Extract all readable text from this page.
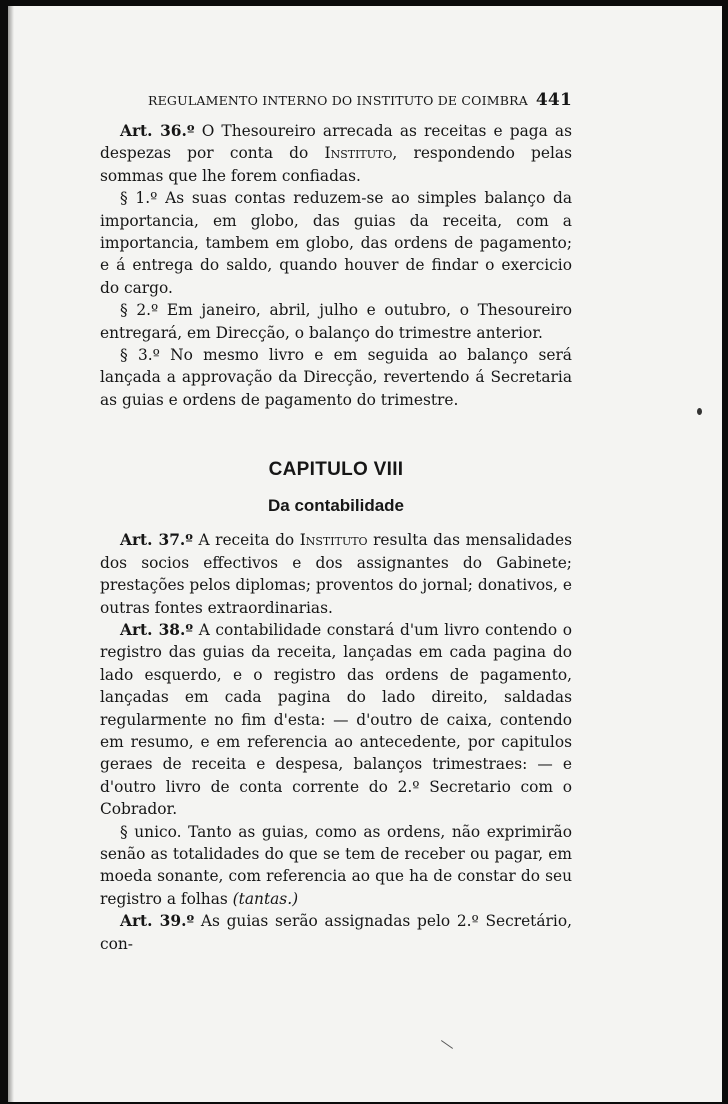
REGULAMENTO INTERNO DO INSTITUTO DE COIMBRA 441

Art. 36.º O Thesoureiro arrecada as receitas e paga as despezas por conta do Instituto, respondendo pelas sommas que lhe forem confiadas.

§ 1.º As suas contas reduzem-se ao simples balanço da importancia, em globo, das guias da receita, com a importancia, tambem em globo, das ordens de pagamento; e á entrega do saldo, quando houver de findar o exercicio do cargo.

§ 2.º Em janeiro, abril, julho e outubro, o Thesoureiro entregará, em Direcção, o balanço do trimestre anterior.

§ 3.º No mesmo livro e em seguida ao balanço será lançada a approvação da Direcção, revertendo á Secretaria as guias e ordens de pagamento do trimestre.

CAPITULO VIII
Da contabilidade

Art. 37.º A receita do Instituto resulta das mensalidades dos socios effectivos e dos assignantes do Gabinete; prestações pelos diplomas; proventos do jornal; donativos, e outras fontes extraordinarias.

Art. 38.º A contabilidade constará d'um livro contendo o registro das guias da receita, lançadas em cada pagina do lado esquerdo, e o registro das ordens de pagamento, lançadas em cada pagina do lado direito, saldadas regularmente no fim d'esta: — d'outro de caixa, contendo em resumo, e em referencia ao antecedente, por capitulos geraes de receita e despesa, balanços trimestraes: — e d'outro livro de conta corrente do 2.º Secretario com o Cobrador.

§ unico. Tanto as guias, como as ordens, não exprimirão senão as totalidades do que se tem de receber ou pagar, em moeda sonante, com referencia ao que ha de constar do seu registro a folhas (tantas.)

Art. 39.º As guias serão assignadas pelo 2.º Secretário, con-
